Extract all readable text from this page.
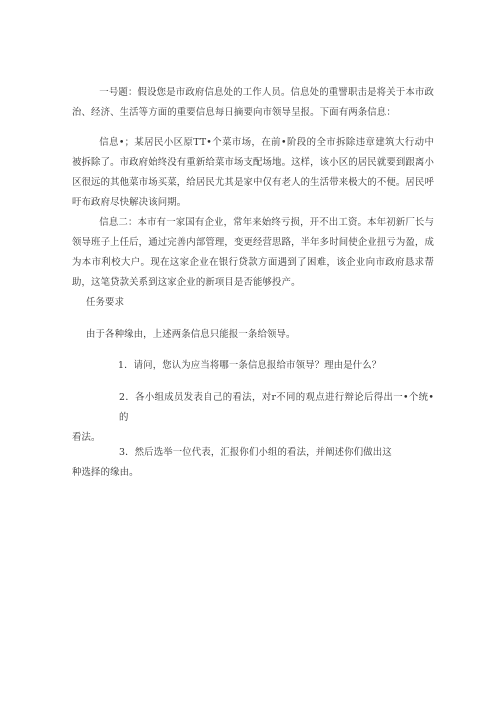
一号题：假设您是市政府信息处的工作人员。信息处的重譬职击是将关于本市政治、经济、生活等方面的重要信息每日摘要向市领导呈报。下面有两条信息：

信息•；某居民小区原TT•个菜市场，在前•阶段的全市拆除违章建筑大行动中被拆除了。市政府始终没有重新给菜市场支配场地。这样，该小区的居民就要到跟离小区很远的其他菜市场买菜，给居民尤其是家中仅有老人的生活带来极大的不便。居民呼吁布政府尽快解决该问期。

信息二：本市有一家国有企业，常年来始终亏损，开不出工资。本年初新厂长与领导班子上任后，通过完善内部管理，变更经营思路，半年多时间使企业扭亏为盈，成为本市利校大户。现在这家企业在银行贷款方面遇到了困难，该企业向市政府恳求帮助，这笔贷款关系到这家企业的新项目是否能够投产。

任务要求

由于各种缘由，上述两条信息只能报一条给领导。

1．请问，您认为应当将哪一条信息报给市领导？理由是什么？

2．各小组成员发表自己的看法，对r不同的观点进行辩论后得出一•个统•的
看法。

3．然后选举一位代表，汇报你们小组的看法，并阐述你们做出这
种选择的缘由。
